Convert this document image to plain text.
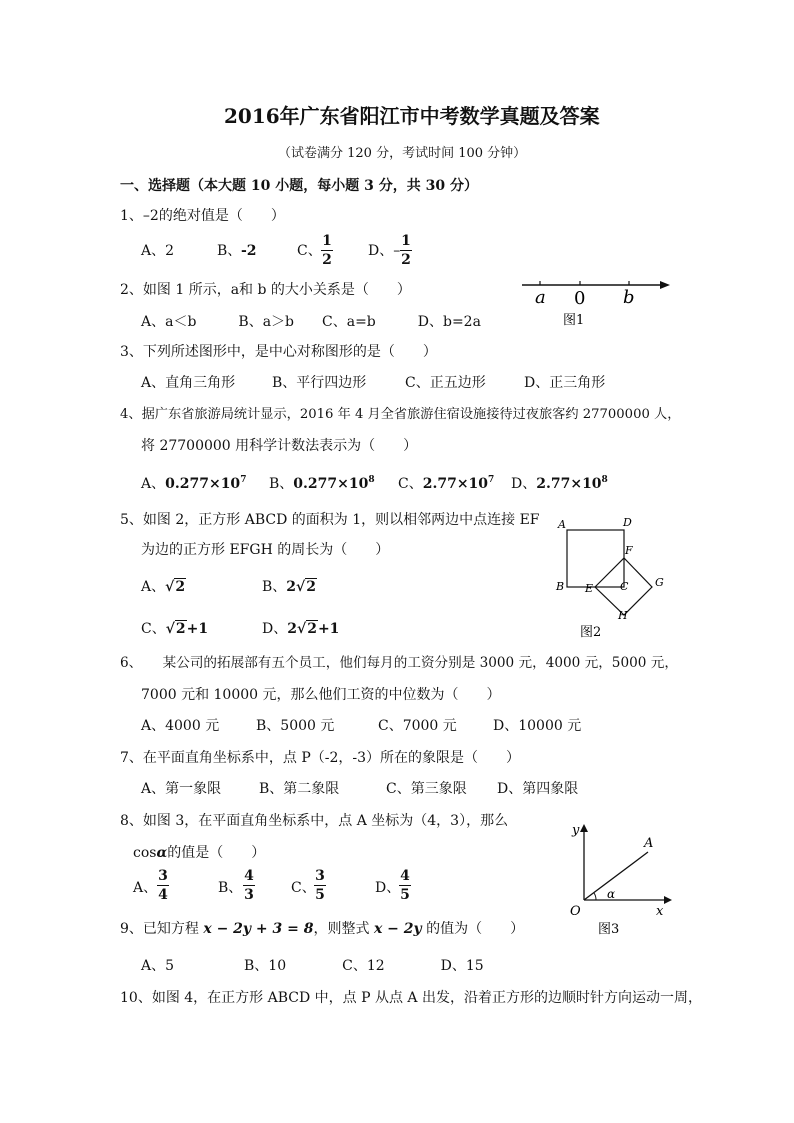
2016年广东省阳江市中考数学真题及答案
（试卷满分 120 分，考试时间 100 分钟）
一、选择题（本大题 10 小题，每小题 3 分，共 30 分）
1、–2的绝对值是（　　）
A、2	B、 -2	C、
1
2
D、–
1
2
2、如图 1 所示，a和 b 的大小关系是（　　）
A、a＜b　　　B、a＞b　　C、a=b　　　D、b=2a
a 0 b
图1
3、下列所述图形中，是中心对称图形的是（　　）
A、直角三角形	B、平行四边形	C、正五边形	D、正三角形
4、据广东省旅游局统计显示，2016 年 4 月全省旅游住宿设施接待过夜旅客约 27700000 人，
将 27700000 用科学计数法表示为（　　）
A、$0.277\times 10^7$ B、$0.277\times 10^8$ C、$2.77\times 10^7$ D、$2.77\times 10^8$
5、如图 2，正方形 ABCD 的面积为 1，则以相邻两边中点连接 EF
为边的正方形 EFGH 的周长为（　　）
A、√2	B、2√2
C、√2+1	D、2√2+1
A	D
B E C
F
G
H
图2
6、　　某公司的拓展部有五个员工，他们每月的工资分别是 3000 元，4000 元，5000 元，
7000 元和 10000 元，那么他们工资的中位数为（　　）
A、4000 元	B、5000 元	C、7000 元	D、10000 元
7、在平面直角坐标系中，点 P（-2，-3）所在的象限是（　　）
A、第一象限	B、第二象限	C、第三象限 D、第四象限
8、如图 3，在平面直角坐标系中，点 A 坐标为（4，3），那么
cosα的值是（　　）
A、
3
4	B、
4
3	C、
3
5	D、
4
5
y
x
O
A
α
图3
9、已知方程 x − 2y + 3 = 8，则整式 x − 2y 的值为（　　）
A、5　　　　　B、10　　　　C、12　　　　D、15
10、如图 4，在正方形 ABCD 中，点 P 从点 A 出发，沿着正方形的边顺时针方向运动一周，
